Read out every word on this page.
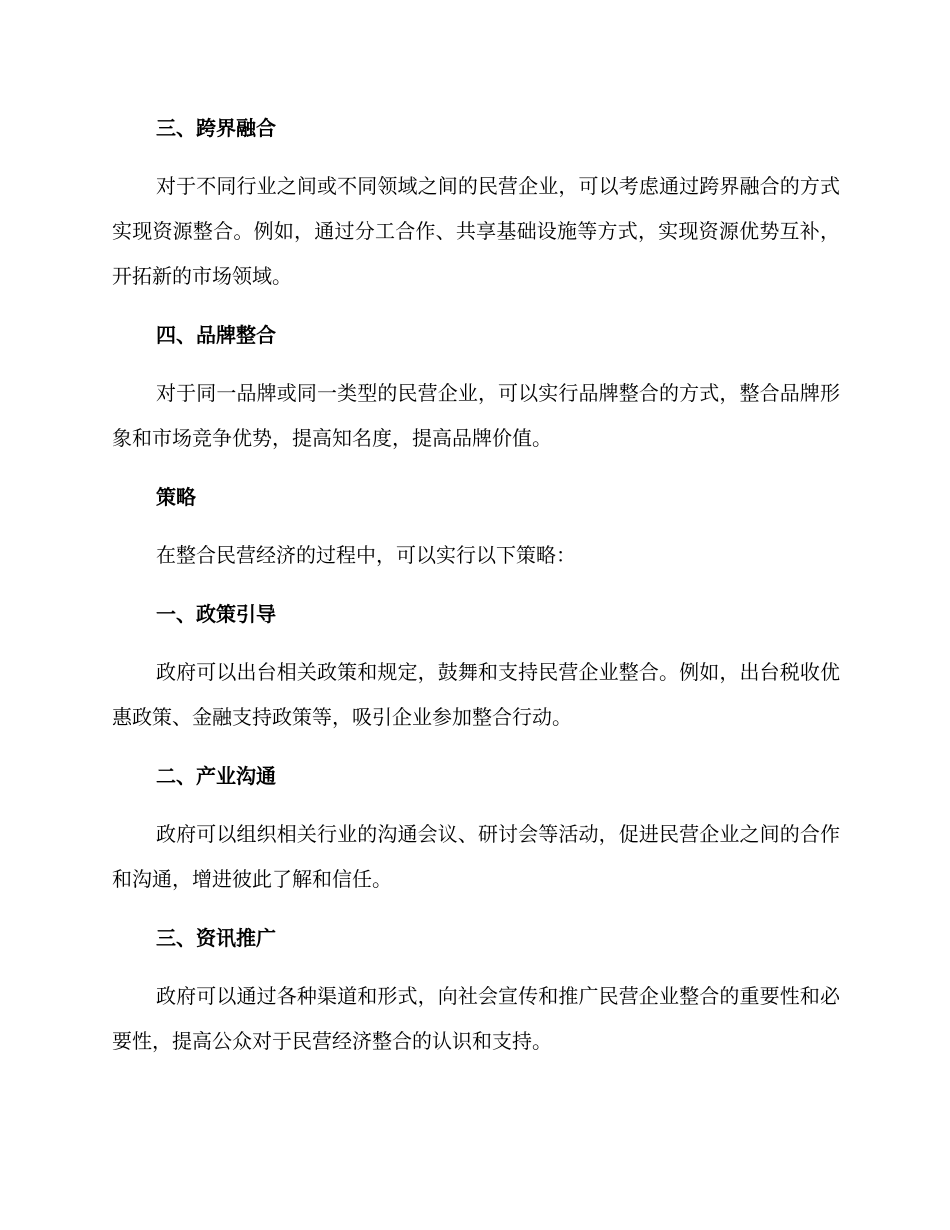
三、跨界融合

对于不同行业之间或不同领域之间的民营企业，可以考虑通过跨界融合的方式实现资源整合。例如，通过分工合作、共享基础设施等方式，实现资源优势互补，开拓新的市场领域。

四、品牌整合

对于同一品牌或同一类型的民营企业，可以实行品牌整合的方式，整合品牌形象和市场竞争优势，提高知名度，提高品牌价值。

策略

在整合民营经济的过程中，可以实行以下策略：

一、政策引导

政府可以出台相关政策和规定，鼓舞和支持民营企业整合。例如，出台税收优惠政策、金融支持政策等，吸引企业参加整合行动。

二、产业沟通

政府可以组织相关行业的沟通会议、研讨会等活动，促进民营企业之间的合作和沟通，增进彼此了解和信任。

三、资讯推广

政府可以通过各种渠道和形式，向社会宣传和推广民营企业整合的重要性和必要性，提高公众对于民营经济整合的认识和支持。
